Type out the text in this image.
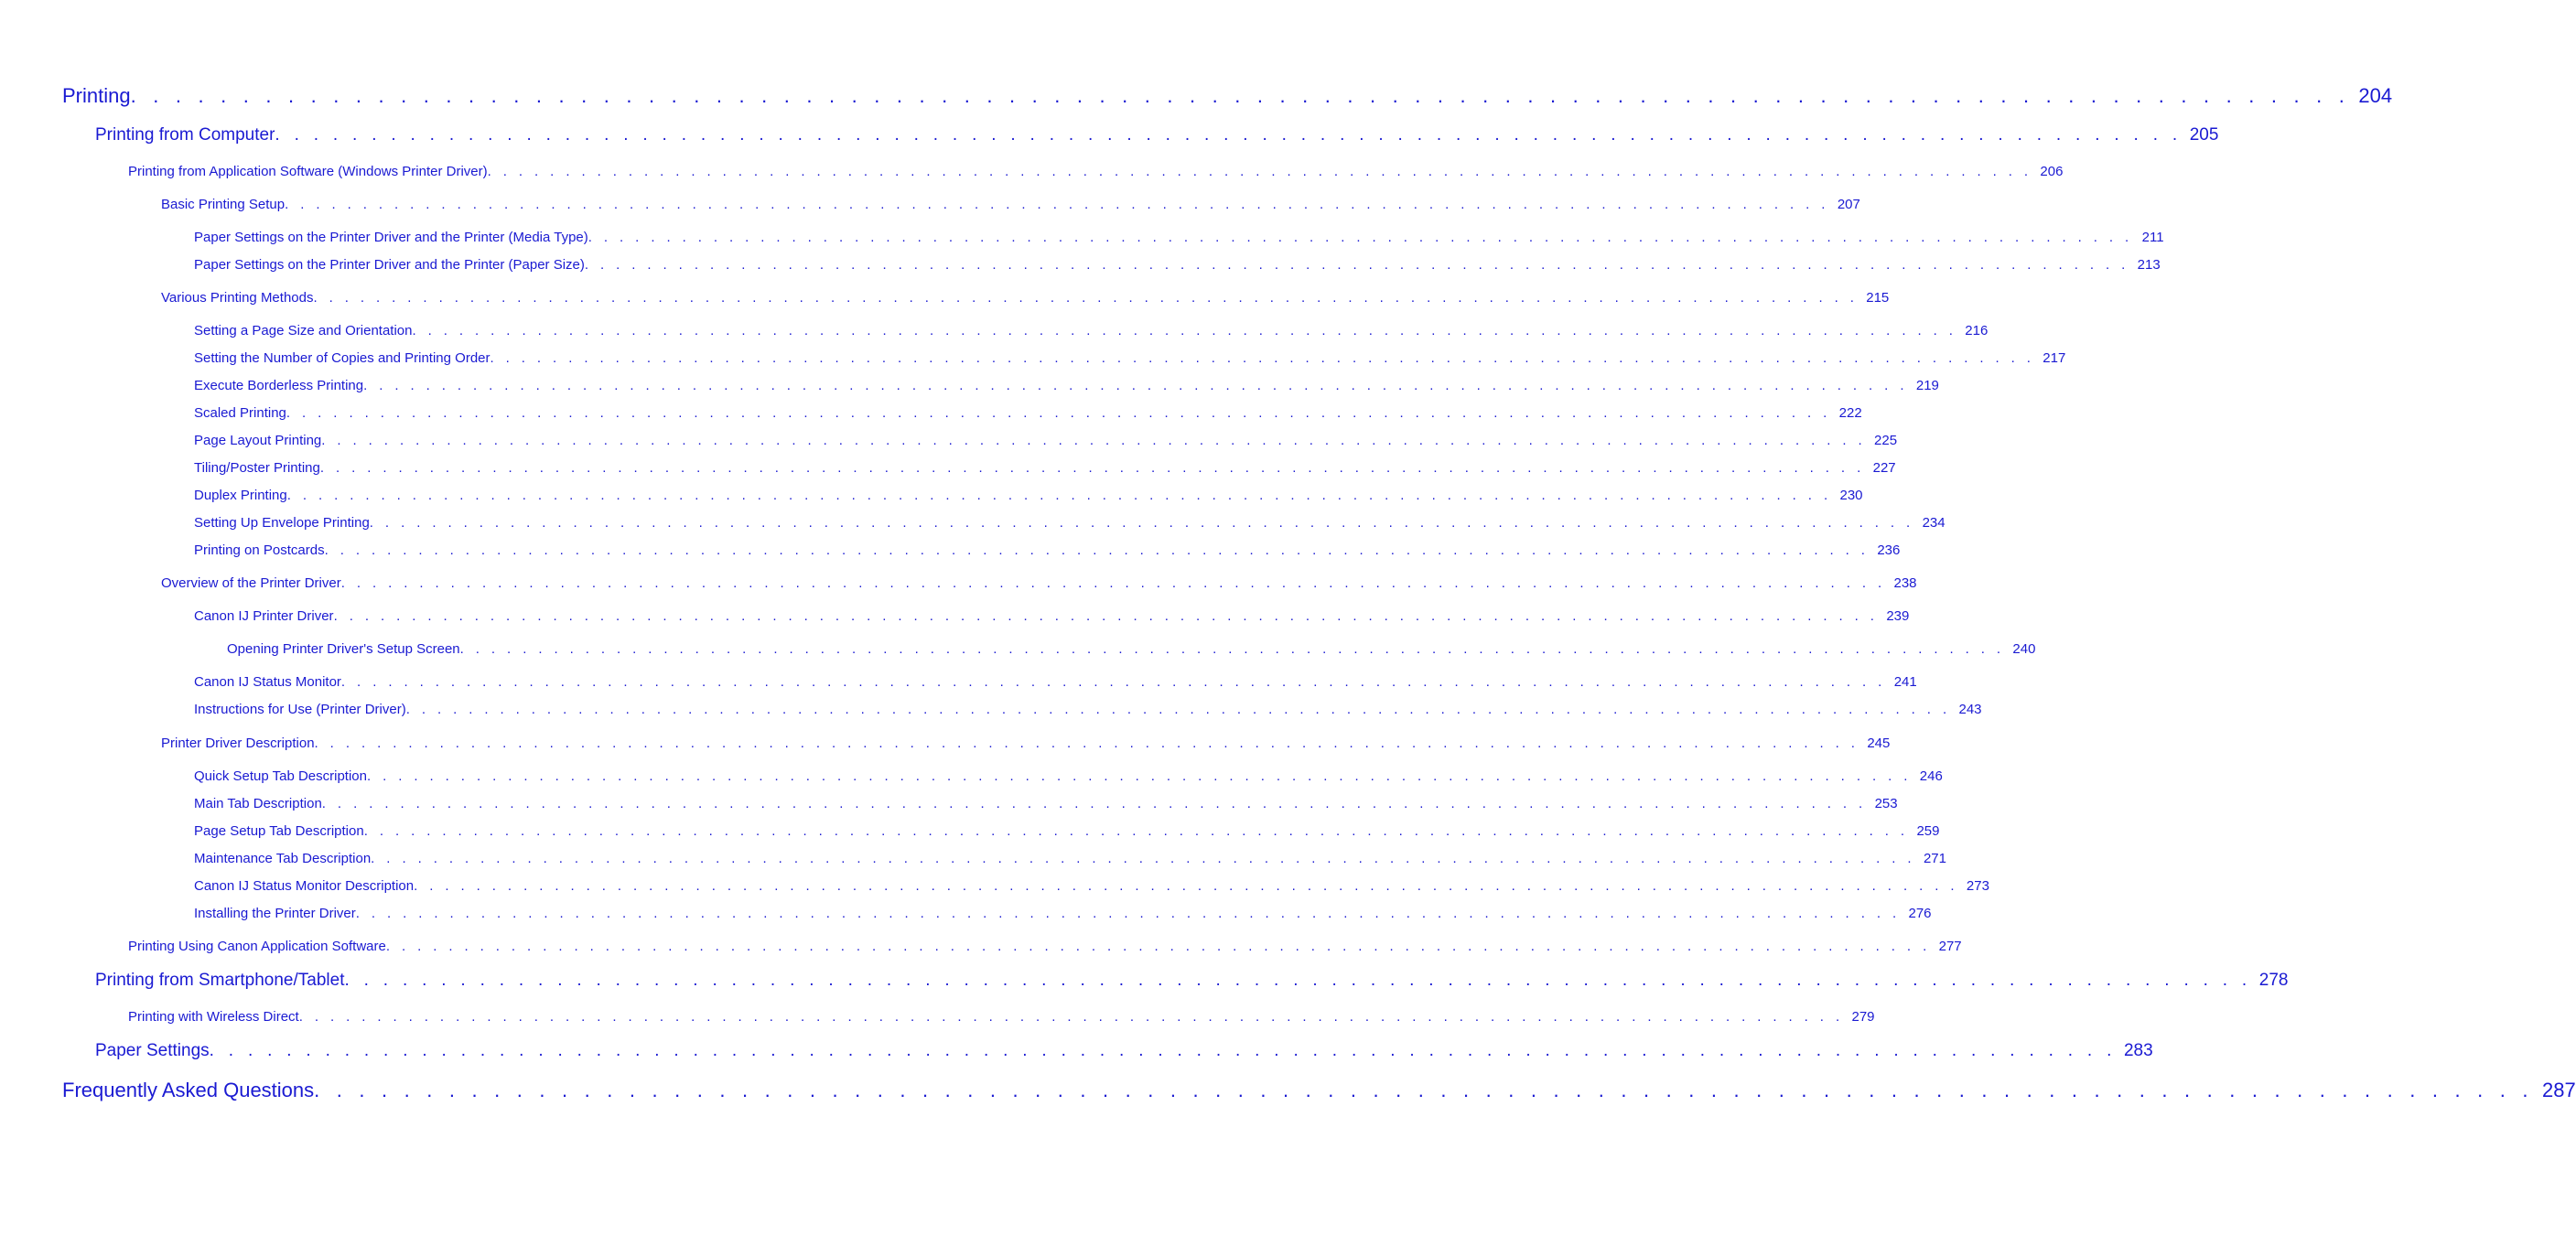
Printing . . . . . . . . . . . . . . . . . . . . . . . . . . . . . . . . . . . . . . . . . . . . . . . . . . . . . . . . . . . . . . . . . . . . . . . . . . . . . . . . . . . . . . . . . . . . . . . . . . . 204
Printing from Computer . . . . . . . . . . . . . . . . . . . . . . . . . . . . . . . . . . . . . . . . . . . . . . . . . . . . . . . . . . . . . . . . . . . . . . . . . . . . . . . . . . . . . . . . . . . . . . . . . . . 205
Printing from Application Software (Windows Printer Driver) . . . . . . . . . . . . . . . . . . . . . . . . . . . . . . . . . . . . . . . . . . . . . . . . . . . . . . . . . . . . . . . . . . . . . . . . . . . . . . . . . . . . . . . . . . . . . . . . . . . 206
Basic Printing Setup . . . . . . . . . . . . . . . . . . . . . . . . . . . . . . . . . . . . . . . . . . . . . . . . . . . . . . . . . . . . . . . . . . . . . . . . . . . . . . . . . . . . . . . . . . . . . . . . . . . 207
Paper Settings on the Printer Driver and the Printer (Media Type) . . . . . . . . . . . . . . . . . . . . . . . . . . . . . . . . . . . . . . . . . . . . . . . . . . . . . . . . . . . . . . . . . . . . . . . . . . . . . . . . . . . . . . . . . . . . . . . . . . . 211
Paper Settings on the Printer Driver and the Printer (Paper Size) . . . . . . . . . . . . . . . . . . . . . . . . . . . . . . . . . . . . . . . . . . . . . . . . . . . . . . . . . . . . . . . . . . . . . . . . . . . . . . . . . . . . . . . . . . . . . . . . . . . 213
Various Printing Methods . . . . . . . . . . . . . . . . . . . . . . . . . . . . . . . . . . . . . . . . . . . . . . . . . . . . . . . . . . . . . . . . . . . . . . . . . . . . . . . . . . . . . . . . . . . . . . . . . . . 215
Setting a Page Size and Orientation . . . . . . . . . . . . . . . . . . . . . . . . . . . . . . . . . . . . . . . . . . . . . . . . . . . . . . . . . . . . . . . . . . . . . . . . . . . . . . . . . . . . . . . . . . . . . . . . . . . 216
Setting the Number of Copies and Printing Order . . . . . . . . . . . . . . . . . . . . . . . . . . . . . . . . . . . . . . . . . . . . . . . . . . . . . . . . . . . . . . . . . . . . . . . . . . . . . . . . . . . . . . . . . . . . . . . . . . . 217
Execute Borderless Printing . . . . . . . . . . . . . . . . . . . . . . . . . . . . . . . . . . . . . . . . . . . . . . . . . . . . . . . . . . . . . . . . . . . . . . . . . . . . . . . . . . . . . . . . . . . . . . . . . . . 219
Scaled Printing . . . . . . . . . . . . . . . . . . . . . . . . . . . . . . . . . . . . . . . . . . . . . . . . . . . . . . . . . . . . . . . . . . . . . . . . . . . . . . . . . . . . . . . . . . . . . . . . . . . 222
Page Layout Printing . . . . . . . . . . . . . . . . . . . . . . . . . . . . . . . . . . . . . . . . . . . . . . . . . . . . . . . . . . . . . . . . . . . . . . . . . . . . . . . . . . . . . . . . . . . . . . . . . . . 225
Tiling/Poster Printing . . . . . . . . . . . . . . . . . . . . . . . . . . . . . . . . . . . . . . . . . . . . . . . . . . . . . . . . . . . . . . . . . . . . . . . . . . . . . . . . . . . . . . . . . . . . . . . . . . . 227
Duplex Printing . . . . . . . . . . . . . . . . . . . . . . . . . . . . . . . . . . . . . . . . . . . . . . . . . . . . . . . . . . . . . . . . . . . . . . . . . . . . . . . . . . . . . . . . . . . . . . . . . . . 230
Setting Up Envelope Printing . . . . . . . . . . . . . . . . . . . . . . . . . . . . . . . . . . . . . . . . . . . . . . . . . . . . . . . . . . . . . . . . . . . . . . . . . . . . . . . . . . . . . . . . . . . . . . . . . . . 234
Printing on Postcards . . . . . . . . . . . . . . . . . . . . . . . . . . . . . . . . . . . . . . . . . . . . . . . . . . . . . . . . . . . . . . . . . . . . . . . . . . . . . . . . . . . . . . . . . . . . . . . . . . . 236
Overview of the Printer Driver . . . . . . . . . . . . . . . . . . . . . . . . . . . . . . . . . . . . . . . . . . . . . . . . . . . . . . . . . . . . . . . . . . . . . . . . . . . . . . . . . . . . . . . . . . . . . . . . . . . 238
Canon IJ Printer Driver . . . . . . . . . . . . . . . . . . . . . . . . . . . . . . . . . . . . . . . . . . . . . . . . . . . . . . . . . . . . . . . . . . . . . . . . . . . . . . . . . . . . . . . . . . . . . . . . . . . 239
Opening Printer Driver's Setup Screen . . . . . . . . . . . . . . . . . . . . . . . . . . . . . . . . . . . . . . . . . . . . . . . . . . . . . . . . . . . . . . . . . . . . . . . . . . . . . . . . . . . . . . . . . . . . . . . . . . . 240
Canon IJ Status Monitor . . . . . . . . . . . . . . . . . . . . . . . . . . . . . . . . . . . . . . . . . . . . . . . . . . . . . . . . . . . . . . . . . . . . . . . . . . . . . . . . . . . . . . . . . . . . . . . . . . . 241
Instructions for Use (Printer Driver) . . . . . . . . . . . . . . . . . . . . . . . . . . . . . . . . . . . . . . . . . . . . . . . . . . . . . . . . . . . . . . . . . . . . . . . . . . . . . . . . . . . . . . . . . . . . . . . . . . . 243
Printer Driver Description . . . . . . . . . . . . . . . . . . . . . . . . . . . . . . . . . . . . . . . . . . . . . . . . . . . . . . . . . . . . . . . . . . . . . . . . . . . . . . . . . . . . . . . . . . . . . . . . . . . 245
Quick Setup Tab Description . . . . . . . . . . . . . . . . . . . . . . . . . . . . . . . . . . . . . . . . . . . . . . . . . . . . . . . . . . . . . . . . . . . . . . . . . . . . . . . . . . . . . . . . . . . . . . . . . . . 246
Main Tab Description . . . . . . . . . . . . . . . . . . . . . . . . . . . . . . . . . . . . . . . . . . . . . . . . . . . . . . . . . . . . . . . . . . . . . . . . . . . . . . . . . . . . . . . . . . . . . . . . . . . 253
Page Setup Tab Description . . . . . . . . . . . . . . . . . . . . . . . . . . . . . . . . . . . . . . . . . . . . . . . . . . . . . . . . . . . . . . . . . . . . . . . . . . . . . . . . . . . . . . . . . . . . . . . . . . . 259
Maintenance Tab Description . . . . . . . . . . . . . . . . . . . . . . . . . . . . . . . . . . . . . . . . . . . . . . . . . . . . . . . . . . . . . . . . . . . . . . . . . . . . . . . . . . . . . . . . . . . . . . . . . . . 271
Canon IJ Status Monitor Description . . . . . . . . . . . . . . . . . . . . . . . . . . . . . . . . . . . . . . . . . . . . . . . . . . . . . . . . . . . . . . . . . . . . . . . . . . . . . . . . . . . . . . . . . . . . . . . . . . . 273
Installing the Printer Driver . . . . . . . . . . . . . . . . . . . . . . . . . . . . . . . . . . . . . . . . . . . . . . . . . . . . . . . . . . . . . . . . . . . . . . . . . . . . . . . . . . . . . . . . . . . . . . . . . . . 276
Printing Using Canon Application Software . . . . . . . . . . . . . . . . . . . . . . . . . . . . . . . . . . . . . . . . . . . . . . . . . . . . . . . . . . . . . . . . . . . . . . . . . . . . . . . . . . . . . . . . . . . . . . . . . . . 277
Printing from Smartphone/Tablet . . . . . . . . . . . . . . . . . . . . . . . . . . . . . . . . . . . . . . . . . . . . . . . . . . . . . . . . . . . . . . . . . . . . . . . . . . . . . . . . . . . . . . . . . . . . . . . . . . . 278
Printing with Wireless Direct . . . . . . . . . . . . . . . . . . . . . . . . . . . . . . . . . . . . . . . . . . . . . . . . . . . . . . . . . . . . . . . . . . . . . . . . . . . . . . . . . . . . . . . . . . . . . . . . . . . 279
Paper Settings . . . . . . . . . . . . . . . . . . . . . . . . . . . . . . . . . . . . . . . . . . . . . . . . . . . . . . . . . . . . . . . . . . . . . . . . . . . . . . . . . . . . . . . . . . . . . . . . . . . 283
Frequently Asked Questions . . . . . . . . . . . . . . . . . . . . . . . . . . . . . . . . . . . . . . . . . . . . . . . . . . . . . . . . . . . . . . . . . . . . . . . . . . . . . . . . . . . . . . . . . . . . . . . . . . . 287
